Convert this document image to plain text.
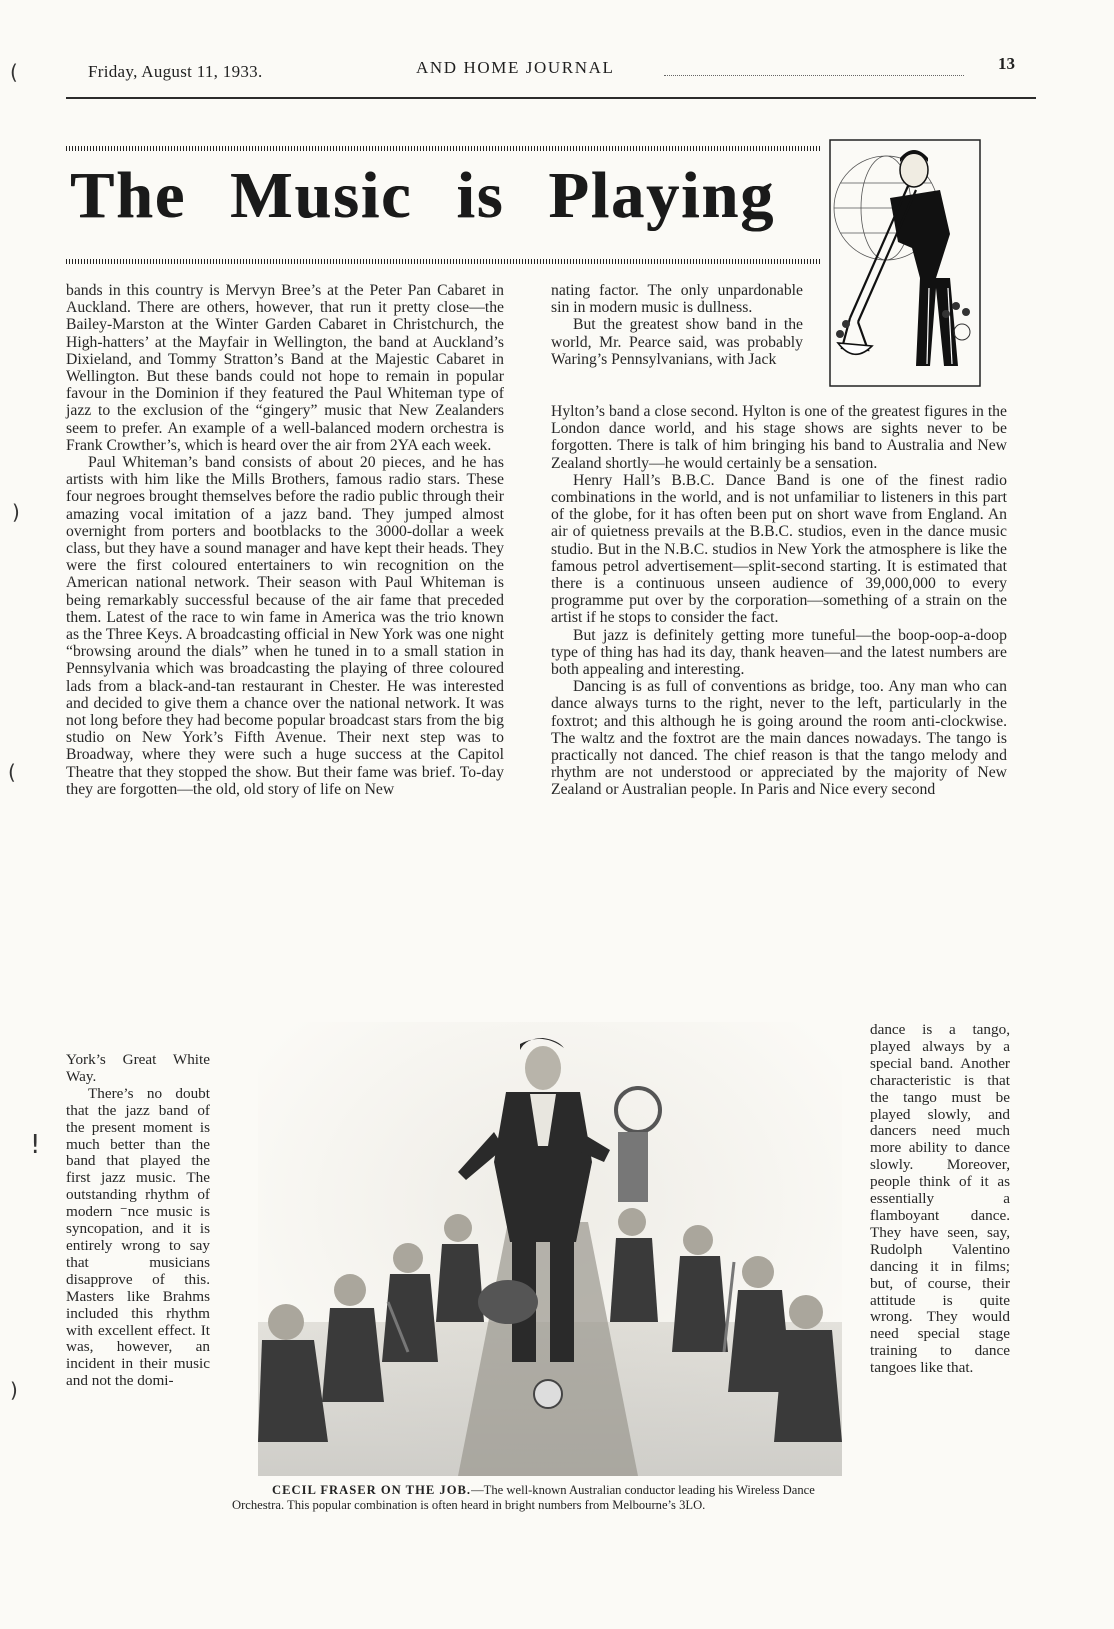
Friday, August 11, 1933.	AND HOME JOURNAL	13
The Music is Playing

bands in this country is Mervyn Bree’s at the Peter Pan Cabaret in Auckland. There are others, however, that run it pretty close—the Bailey-Marston at the Winter Garden Cabaret in Christchurch, the High-hatters’ at the Mayfair in Wellington, the band at Auckland’s Dixieland, and Tommy Stratton’s Band at the Majestic Cabaret in Wellington. But these bands could not hope to remain in popular favour in the Dominion if they featured the Paul Whiteman type of jazz to the exclusion of the “gingery” music that New Zealanders seem to prefer. An example of a well-balanced modern orchestra is Frank Crowther’s, which is heard over the air from 2YA each week.

Paul Whiteman’s band consists of about 20 pieces, and he has artists with him like the Mills Brothers, famous radio stars. These four negroes brought themselves before the radio public through their amazing vocal imitation of a jazz band. They jumped almost overnight from porters and bootblacks to the 3000-dollar a week class, but they have a sound manager and have kept their heads. They were the first coloured entertainers to win recognition on the American national network. Their season with Paul Whiteman is being remarkably successful because of the air fame that preceded them. Latest of the race to win fame in America was the trio known as the Three Keys. A broadcasting official in New York was one night “browsing around the dials” when he tuned in to a small station in Pennsylvania which was broadcasting the playing of three coloured lads from a black-and-tan restaurant in Chester. He was interested and decided to give them a chance over the national network. It was not long before they had become popular broadcast stars from the big studio on New York’s Fifth Avenue. Their next step was to Broadway, where they were such a huge success at the Capitol Theatre that they stopped the show. But their fame was brief. To-day they are forgotten—the old, old story of life on New

nating factor. The only unpardonable sin in modern music is dullness.

But the greatest show band in the world, Mr. Pearce said, was probably Waring’s Pennsylvanians, with Jack

Hylton’s band a close second. Hylton is one of the greatest figures in the London dance world, and his stage shows are sights never to be forgotten. There is talk of him bringing his band to Australia and New Zealand shortly—he would certainly be a sensation.

Henry Hall’s B.B.C. Dance Band is one of the finest radio combinations in the world, and is not unfamiliar to listeners in this part of the globe, for it has often been put on short wave from England. An air of quietness prevails at the B.B.C. studios, even in the dance music studio. But in the N.B.C. studios in New York the atmosphere is like the famous petrol advertisement—split-second starting. It is estimated that there is a continuous unseen audience of 39,000,000 to every programme put over by the corporation—something of a strain on the artist if he stops to consider the fact.

But jazz is definitely getting more tuneful—the boop-oop-a-doop type of thing has had its day, thank heaven—and the latest numbers are both appealing and interesting.

Dancing is as full of conventions as bridge, too. Any man who can dance always turns to the right, never to the left, particularly in the foxtrot; and this although he is going around the room anti-clockwise. The waltz and the foxtrot are the main dances nowadays. The tango is practically not danced. The chief reason is that the tango melody and rhythm are not understood or appreciated by the majority of New Zealand or Australian people. In Paris and Nice every second

York’s Great White Way.

There’s no doubt that the jazz band of the present moment is much better than the band that played the first jazz music. The outstanding rhythm of modern ⁻nce music is syncopation, and it is entirely wrong to say that musicians disapprove of this. Masters like Brahms included this rhythm with excellent effect. It was, however, an incident in their music and not the domi-

dance is a tango, played always by a special band. Another characteristic is that the tango must be played slowly, and dancers need much more ability to dance slowly. Moreover, people think of it as essentially a flamboyant dance. They have seen, say, Rudolph Valentino dancing it in films; but, of course, their attitude is quite wrong. They would need special stage training to dance tangoes like that.

CECIL FRASER ON THE JOB.—The well-known Australian conductor leading his Wireless Dance Orchestra. This popular combination is often heard in bright numbers from Melbourne’s 3LO.
(
)
(
!
)
